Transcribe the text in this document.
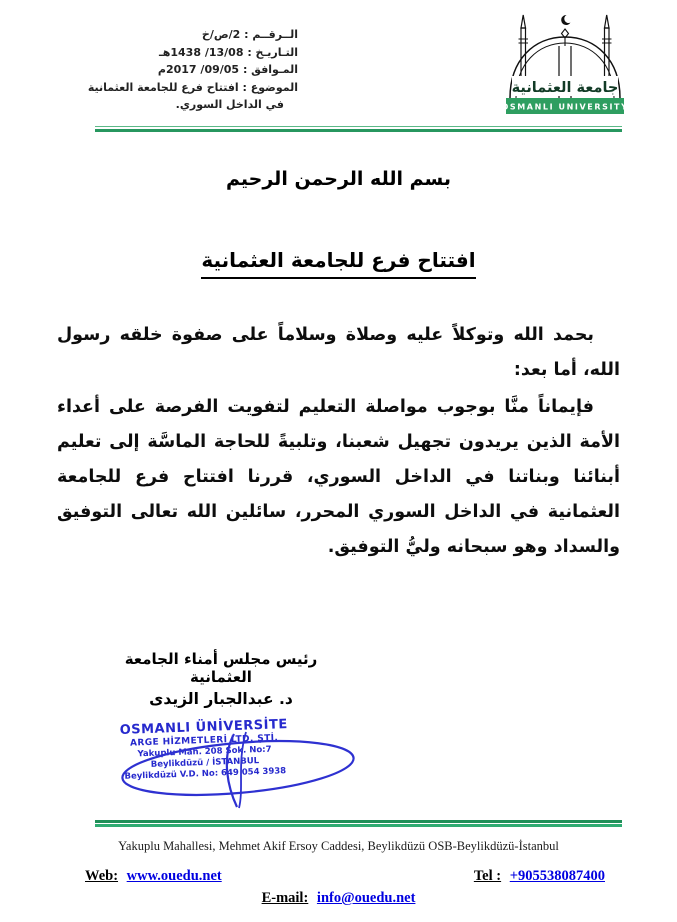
الــرقــم : 2/ص/خ
التـاريـخ : 13/08/ 1438هـ
المـوافق : 09/05/ 2017م
الموضوع : افتتاح فرع للجامعة العثمانية
في الداخل السوري.
جامعة العثمانية
OSMANLI UNIVERSITY
بسم الله الرحمن الرحيم
افتتاح فرع للجامعة العثمانية

بحمد الله وتوكلاً عليه وصلاة وسلاماً على صفوة خلقه رسول الله، أما بعد:

فإيماناً منَّا بوجوب مواصلة التعليم لتفويت الفرصة على أعداء الأمة الذين يريدون تجهيل شعبنا، وتلبيةً للحاجة الماسَّة إلى تعليم أبنائنا وبناتنا في الداخل السوري، قررنا افتتاح فرع للجامعة العثمانية في الداخل السوري المحرر، سائلين الله تعالى التوفيق والسداد وهو سبحانه وليُّ التوفيق.

رئيس مجلس أمناء الجامعة العثمانية
د. عبدالجبار الزيدى
OSMANLI ÜNİVERSİTE
ARGE HİZMETLERİ LTD. ŞTİ.
Yakuplu Mah. 208 Sok. No:7
Beylikdüzü / İSTANBUL
Beylikdüzü V.D. No: 649 054 3938
Yakuplu Mahallesi, Mehmet Akif Ersoy Caddesi, Beylikdüzü OSB-Beylikdüzü-İstanbul
Web: www.ouedu.net	Tel : +905538087400
E-mail: info@ouedu.net
